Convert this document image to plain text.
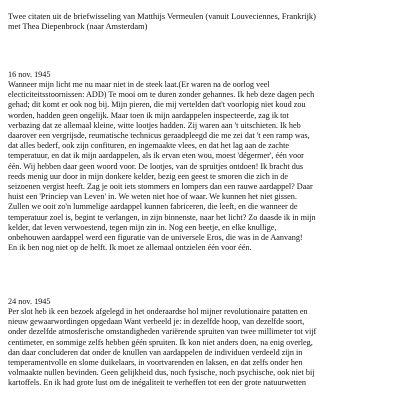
Twee citaten uit de briefwisseling van Matthijs Vermeulen (vanuit Louveciennes, Frankrijk)
met Thea Diepenbrock (naar Amsterdam)
16 nov. 1945
Wanneer mijn licht me nu maar niet in de steek laat.(Er waren na de oorlog veel
electiciteitsstoornissen: ADD) Te mooi om te duren zonder gehannes. Ik heb deze dagen pech
gehad; dit komt er ook nog bij. Mijn pieren, die mij vertelden dat't voorlopig niet koud zou
worden, hadden geen ongelijk. Maar toen ik mijn aardappelen inspecteerde, zag ik tot
verbazing dat ze allemaal kleine, witte lootjes hadden. Zij waren aan 't uitschieten. Ik heb
daarover een vergrijsde, reumatische technicus geraadpleegd die me zei dat 't een ramp was,
dat alles bederf, ook zijn confituren, en ingemaakte vlees, en dat het lag aan de zachte
temperatuur, en dat ik mijn aardappelen, als ik ervan eten wou, moest 'dégermer', één voor
één. Wij hebben daar geen woord voor. De lootjes, van de spruitjes ontdoen! Ik bracht dus
reeds menig uur door in mijn donkere kelder, bezig een geest te smoren die zich in de
seizoenen vergist heeft. Zag je ooit iets stommers en lompers dan een rauwe aardappel? Daar
huist een 'Princiep van Leven' in. We weten niet hoe of waar. We kunnen het niet gissen.
Zullen we ooit zo'n lummelige aardappel kunnen fabriceren, die leeft, en die wanneer de
temperatuur zoel is, begint te verlangen, in zijn binnenste, naar het licht? Zo daasde ik in mijn
kelder, dat leven verwoestend, tegen mijn zin in. Nog een beetje, en elke knullige,
onbehouwen aardappel werd een figuratie van de universele Eros, die was in de Aanvang!
En ik ben nog niet op de helft. Ik moet ze allemaal ontzielen één voor één.
24 nov. 1945
Per slot heb ik een bezoek afgelegd in het onderaardse hol mijner revolutionaire patatten en
nieuw gewaarwordingen opgedaan Want verbeeld je: in dezelfde hoop, van dezelfde soort,
onder dezelfde atmosferische omstandigheden variërende spruiten van twee millimeter tot vijf
centimeter, en sommige zelfs hebben géén spruiten. Ik kon niet anders doen, na enig overleg,
dan daar concluderen dat onder de knullen van aardappelen de individuen verdeeld zijn in
temperamentvolle en slome duikelaars, in voortvarenden en laksen, en dat zelfs onder hen
volmaakte nullen bevinden. Geen gelijkheid dus, noch fysische, noch psychische, ook niet bij
kartoffels. En ik had grote lust om de inégaliteit te verheffen tot een der grote natuurwetten
